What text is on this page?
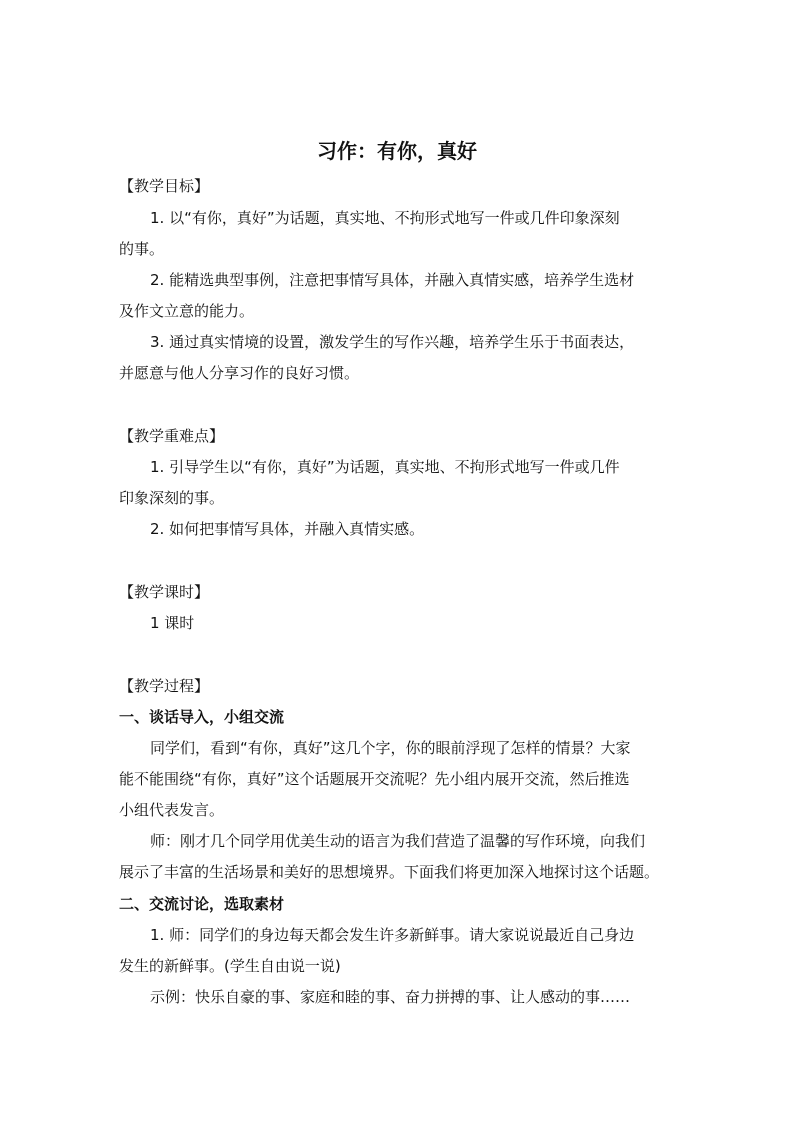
习作：有你，真好
【教学目标】
1. 以“有你，真好”为话题，真实地、不拘形式地写一件或几件印象深刻
的事。
2. 能精选典型事例，注意把事情写具体，并融入真情实感，培养学生选材
及作文立意的能力。
3. 通过真实情境的设置，激发学生的写作兴趣，培养学生乐于书面表达，
并愿意与他人分享习作的良好习惯。
【教学重难点】
1. 引导学生以“有你，真好”为话题，真实地、不拘形式地写一件或几件
印象深刻的事。
2. 如何把事情写具体，并融入真情实感。
【教学课时】
1 课时
【教学过程】
一、谈话导入，小组交流
同学们，看到“有你，真好”这几个字，你的眼前浮现了怎样的情景？大家
能不能围绕“有你，真好”这个话题展开交流呢？先小组内展开交流，然后推选
小组代表发言。
师：刚才几个同学用优美生动的语言为我们营造了温馨的写作环境，向我们
展示了丰富的生活场景和美好的思想境界。下面我们将更加深入地探讨这个话题。
二、交流讨论，选取素材
1. 师：同学们的身边每天都会发生许多新鲜事。请大家说说最近自己身边
发生的新鲜事。(学生自由说一说)
示例：快乐自豪的事、家庭和睦的事、奋力拼搏的事、让人感动的事……
